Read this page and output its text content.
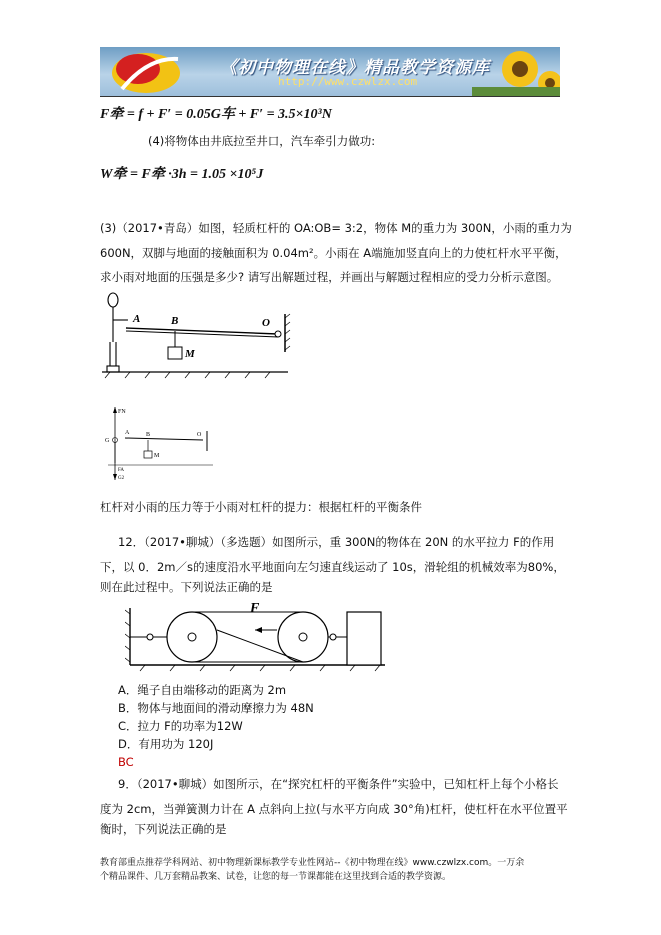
《初中物理在线》精品教学资源库
http://www.czwlzx.com
F牵 = f + F′ = 0.05G车 + F′ = 3.5×10³N
(4)将物体由井底拉至井口，汽车牵引力做功:
W牵 = F牵 ·3h = 1.05 ×10⁵J
(3)（2017•青岛）如图，轻质杠杆的 OA:OB= 3:2，物体 M的重力为 300N，小雨的重力为
600N，双脚与地面的接触面积为 0.04m²。小雨在 A端施加竖直向上的力使杠杆水平平衡，
求小雨对地面的压强是多少? 请写出解题过程，并画出与解题过程相应的受力分析示意图。
A	B	O
M
FN
G
A	B	O
M
FA
G2
杠杆对小雨的压力等于小雨对杠杆的提力：根据杠杆的平衡条件
12．（2017•聊城）（多选题）如图所示，重 300N的物体在 20N 的水平拉力 F的作用
下，以 0．2m／s的速度沿水平地面向左匀速直线运动了 10s，滑轮组的机械效率为80%，
则在此过程中。下列说法正确的是
F
A．绳子自由端移动的距离为 2m
B．物体与地面间的滑动摩擦力为 48N
C．拉力 F的功率为12W
D．有用功为 120J
BC
9．（2017•聊城）如图所示，在“探究杠杆的平衡条件”实验中，已知杠杆上每个小格长
度为 2cm，当弹簧测力计在 A 点斜向上拉(与水平方向成 30°角)杠杆，使杠杆在水平位置平
衡时，下列说法正确的是
教育部重点推荐学科网站、初中物理新课标教学专业性网站--《初中物理在线》www.czwlzx.com。一万余
个精品课件、几万套精品教案、试卷，让您的每一节课都能在这里找到合适的教学资源。
